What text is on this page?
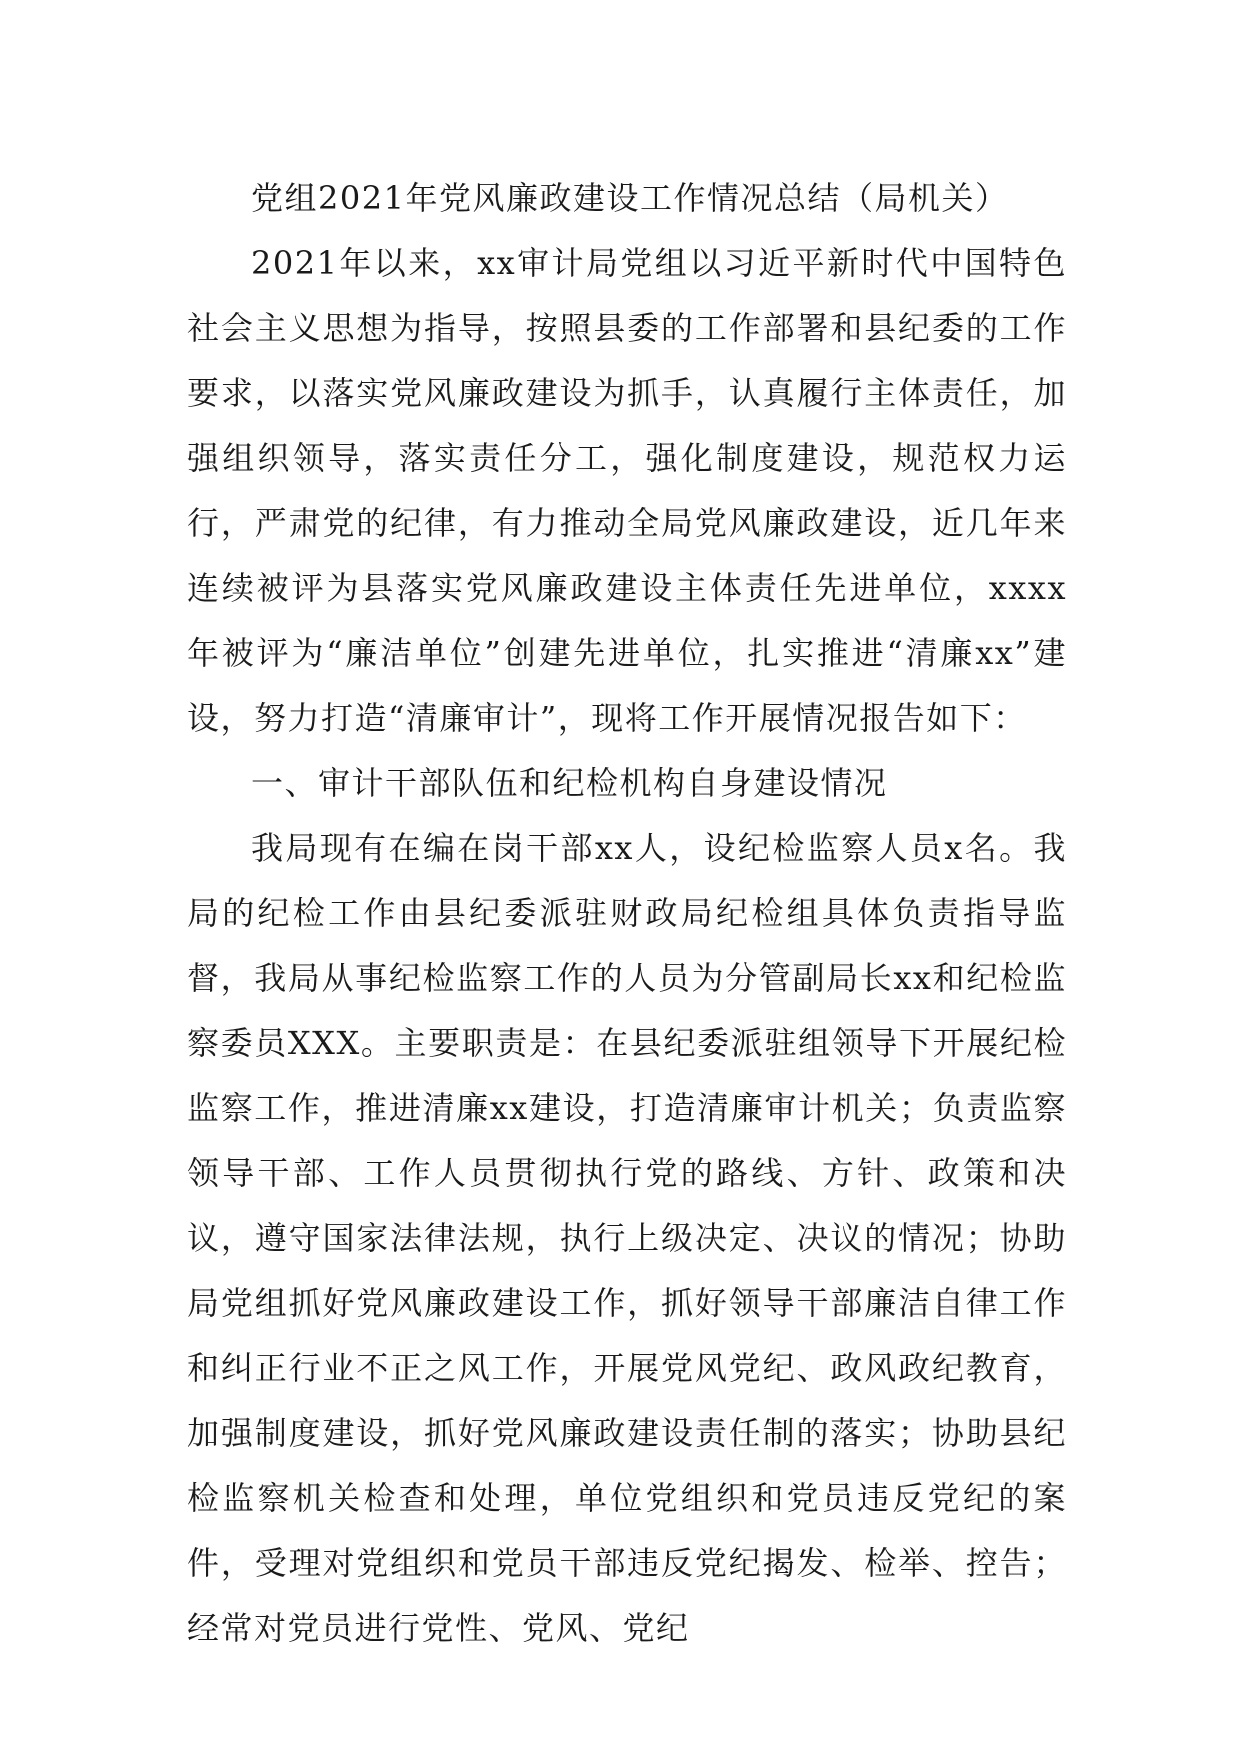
党组2021年党风廉政建设工作情况总结（局机关）

2021年以来，xx审计局党组以习近平新时代中国特色社会主义思想为指导，按照县委的工作部署和县纪委的工作要求，以落实党风廉政建设为抓手，认真履行主体责任，加强组织领导，落实责任分工，强化制度建设，规范权力运行，严肃党的纪律，有力推动全局党风廉政建设，近几年来连续被评为县落实党风廉政建设主体责任先进单位，xxxx年被评为“廉洁单位”创建先进单位，扎实推进“清廉xx”建设，努力打造“清廉审计”，现将工作开展情况报告如下：

一、审计干部队伍和纪检机构自身建设情况

我局现有在编在岗干部xx人，设纪检监察人员x名。我局的纪检工作由县纪委派驻财政局纪检组具体负责指导监督，我局从事纪检监察工作的人员为分管副局长xx和纪检监察委员XXX。主要职责是：在县纪委派驻组领导下开展纪检监察工作，推进清廉xx建设，打造清廉审计机关；负责监察领导干部、工作人员贯彻执行党的路线、方针、政策和决议，遵守国家法律法规，执行上级决定、决议的情况；协助局党组抓好党风廉政建设工作，抓好领导干部廉洁自律工作和纠正行业不正之风工作，开展党风党纪、政风政纪教育，加强制度建设，抓好党风廉政建设责任制的落实；协助县纪检监察机关检查和处理，单位党组织和党员违反党纪的案件，受理对党组织和党员干部违反党纪揭发、检举、控告；经常对党员进行党性、党风、党纪
